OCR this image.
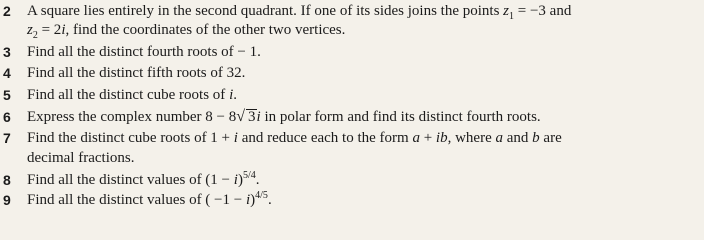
2 A square lies entirely in the second quadrant. If one of its sides joins the points $z_1 = -3$ and
$z_2 = 2i$, find the coordinates of the other two vertices.
3 Find all the distinct fourth roots of − 1.
4 Find all the distinct fifth roots of 32.
5 Find all the distinct cube roots of i.
6 Express the complex number 8 − 8√ 3i in polar form and find its distinct fourth roots.
7 Find the distinct cube roots of 1 + i and reduce each to the form a + ib, where a and b are
decimal fractions.
8 Find all the distinct values of $(1 - i)^{5/4}$.
9 Find all the distinct values of ( −1 − i)$^{4/5}$.
